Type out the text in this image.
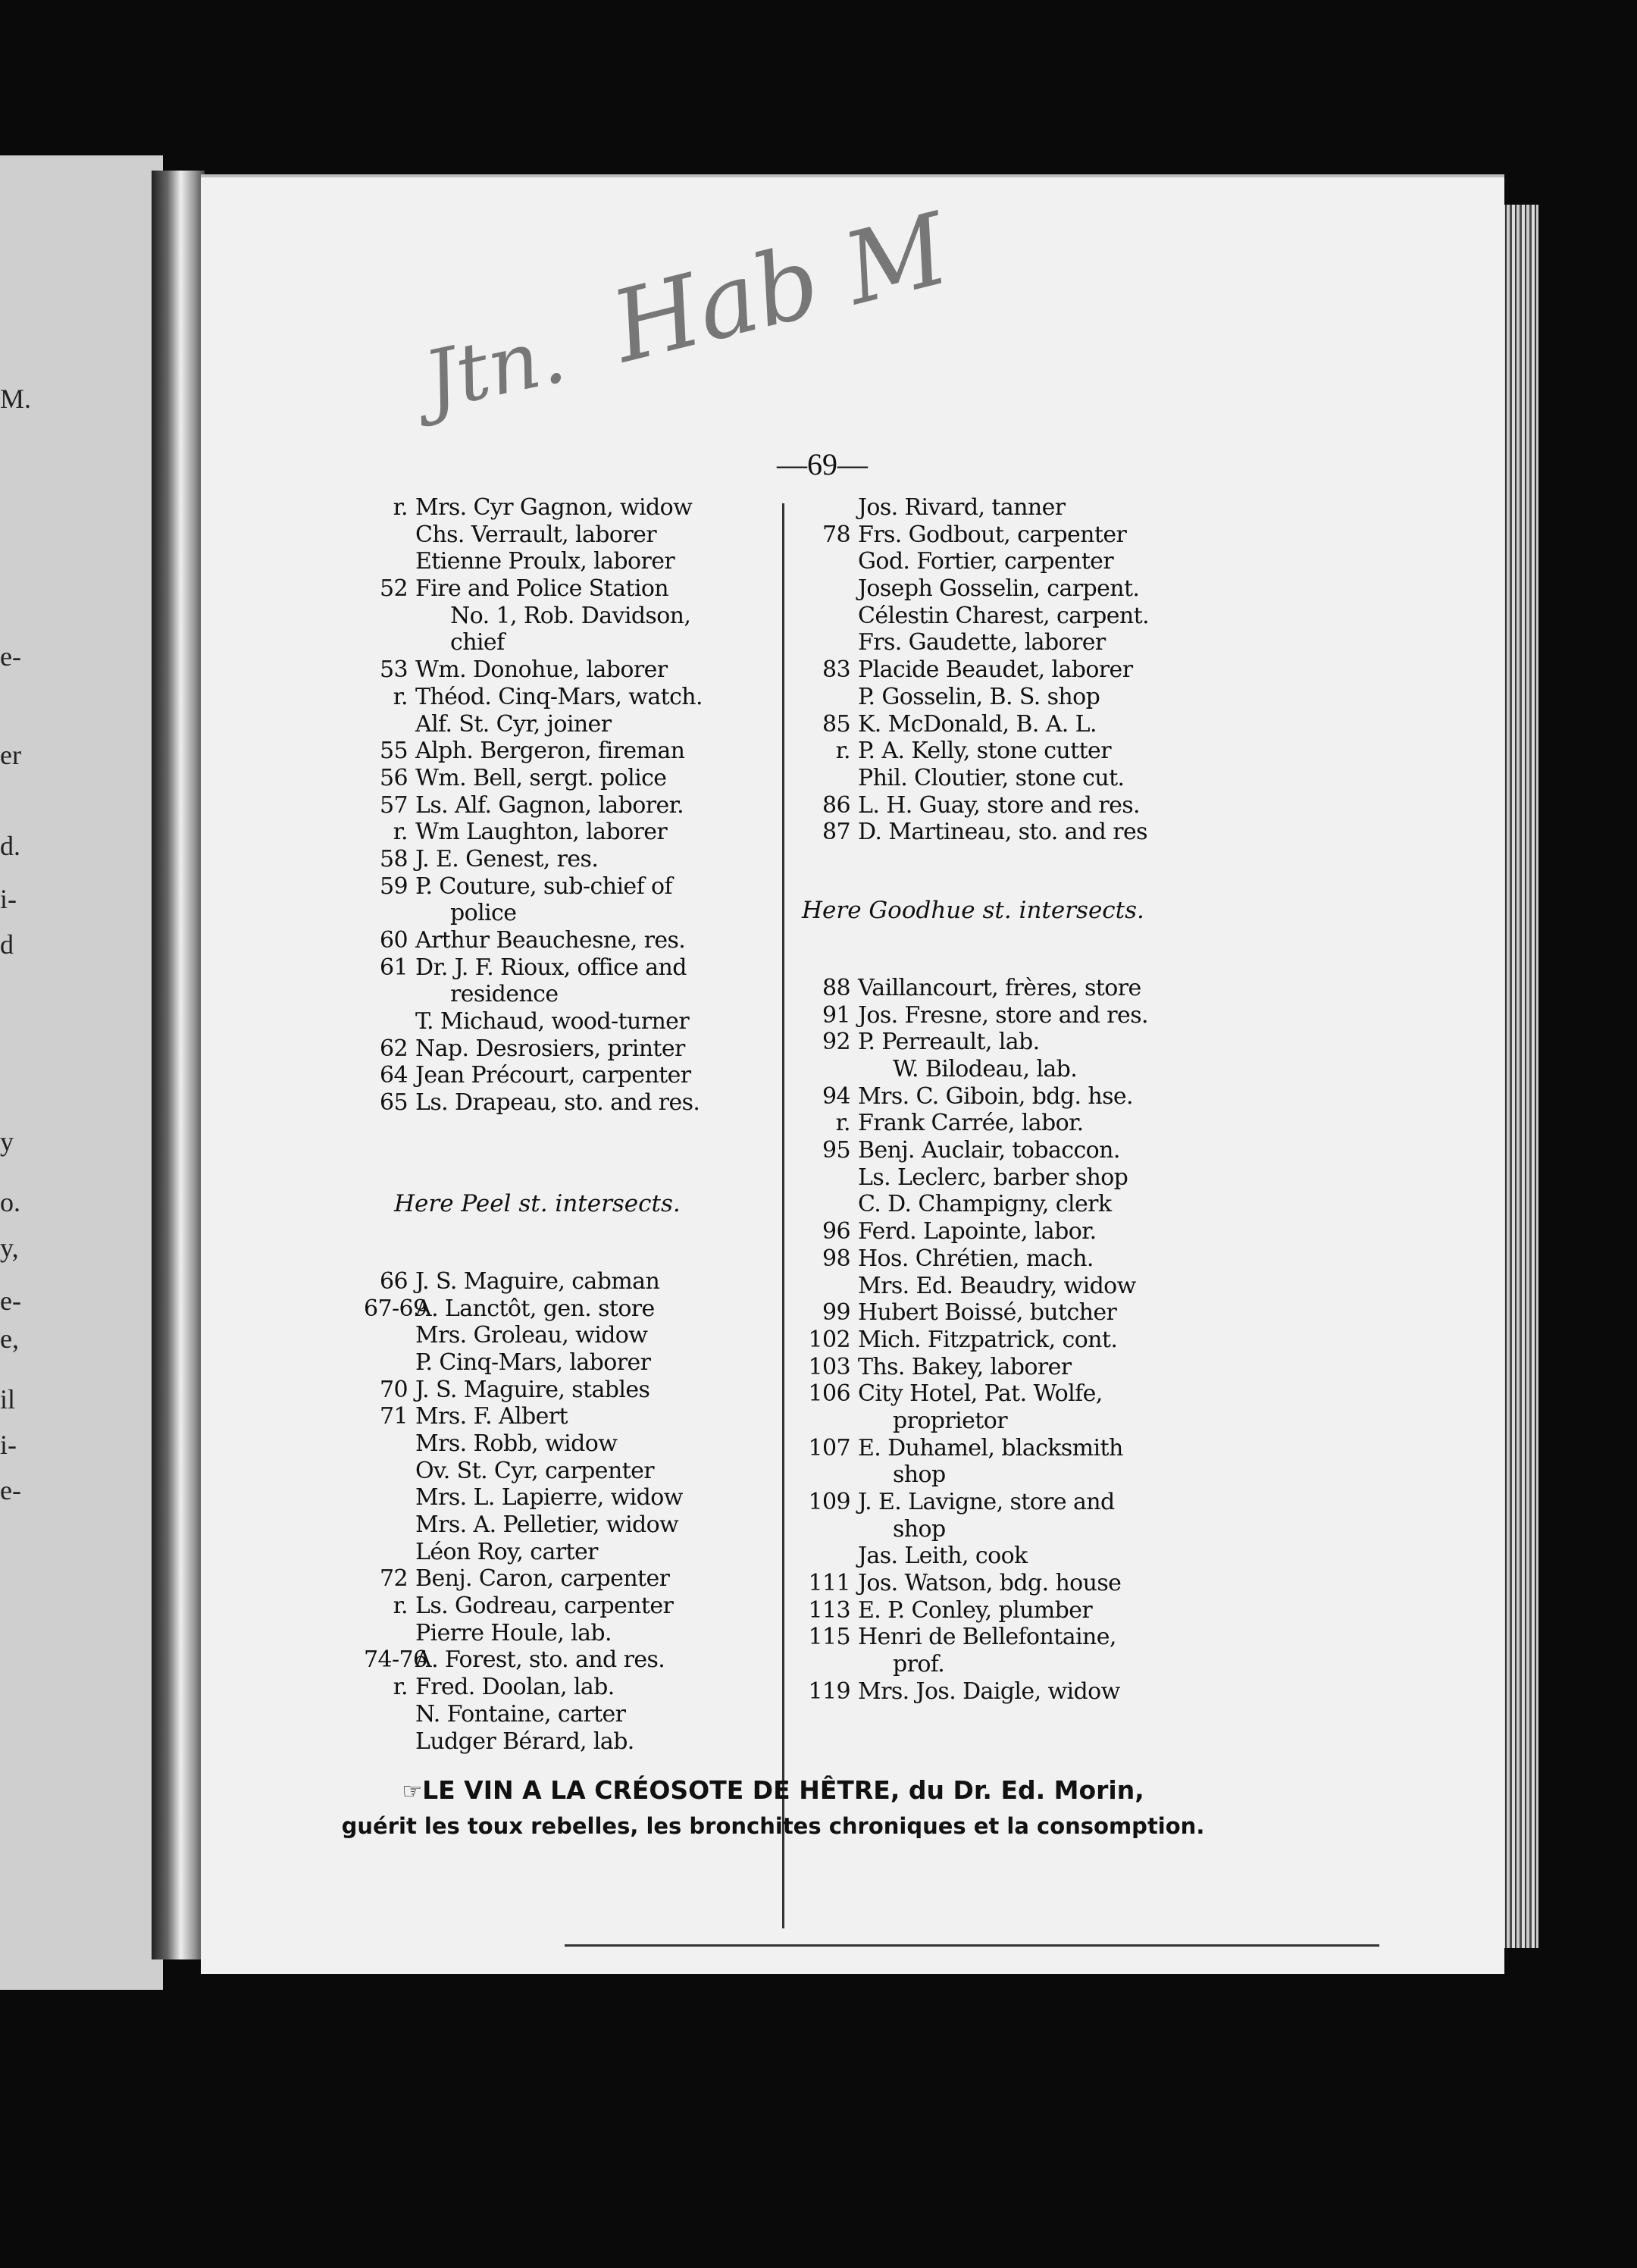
M.
e-
er
d.
i-
d
y
o.
y,
e-
e,
il
i-
e-
Hab M
Jtn.
—69—
r. Mrs. Cyr Gagnon, widow
Chs. Verrault, laborer
Etienne Proulx, laborer
52 Fire and Police Station
No. 1, Rob. Davidson,
chief
53 Wm. Donohue, laborer
r. Théod. Cinq-Mars, watch.
Alf. St. Cyr, joiner
55 Alph. Bergeron, fireman
56 Wm. Bell, sergt. police
57 Ls. Alf. Gagnon, laborer.
r. Wm Laughton, laborer
58 J. E. Genest, res.
59 P. Couture, sub-chief of
police
60 Arthur Beauchesne, res.
61 Dr. J. F. Rioux, office and
residence
T. Michaud, wood-turner
62 Nap. Desrosiers, printer
64 Jean Précourt, carpenter
65 Ls. Drapeau, sto. and res.
Here Peel st. intersects.
66 J. S. Maguire, cabman
67-69
A. Lanctôt, gen. store
Mrs. Groleau, widow
P. Cinq-Mars, laborer
70 J. S. Maguire, stables
71 Mrs. F. Albert
Mrs. Robb, widow
Ov. St. Cyr, carpenter
Mrs. L. Lapierre, widow
Mrs. A. Pelletier, widow
Léon Roy, carter
72 Benj. Caron, carpenter
r. Ls. Godreau, carpenter
Pierre Houle, lab.
74-76
A. Forest, sto. and res.
r. Fred. Doolan, lab.
N. Fontaine, carter
Ludger Bérard, lab.
Jos. Rivard, tanner
78 Frs. Godbout, carpenter
God. Fortier, carpenter
Joseph Gosselin, carpent.
Célestin Charest, carpent.
Frs. Gaudette, laborer
83 Placide Beaudet, laborer
P. Gosselin, B. S. shop
85 K. McDonald, B. A. L.
r. P. A. Kelly, stone cutter
Phil. Cloutier, stone cut.
86 L. H. Guay, store and res.
87 D. Martineau, sto. and res
Here Goodhue st. intersects.
88 Vaillancourt, frères, store
91 Jos. Fresne, store and res.
92 P. Perreault, lab.
W. Bilodeau, lab.
94 Mrs. C. Giboin, bdg. hse.
r. Frank Carrée, labor.
95 Benj. Auclair, tobaccon.
Ls. Leclerc, barber shop
C. D. Champigny, clerk
96 Ferd. Lapointe, labor.
98 Hos. Chrétien, mach.
Mrs. Ed. Beaudry, widow
99 Hubert Boissé, butcher
102 Mich. Fitzpatrick, cont.
103 Ths. Bakey, laborer
106 City Hotel, Pat. Wolfe,
proprietor
107 E. Duhamel, blacksmith
shop
109 J. E. Lavigne, store and
shop
Jas. Leith, cook
111 Jos. Watson, bdg. house
113 E. P. Conley, plumber
115 Henri de Bellefontaine,
prof.
119 Mrs. Jos. Daigle, widow
☞LE VIN A LA CRÉOSOTE DE HÊTRE, du Dr. Ed. Morin,
guérit les toux rebelles, les bronchites chroniques et la consomption.
